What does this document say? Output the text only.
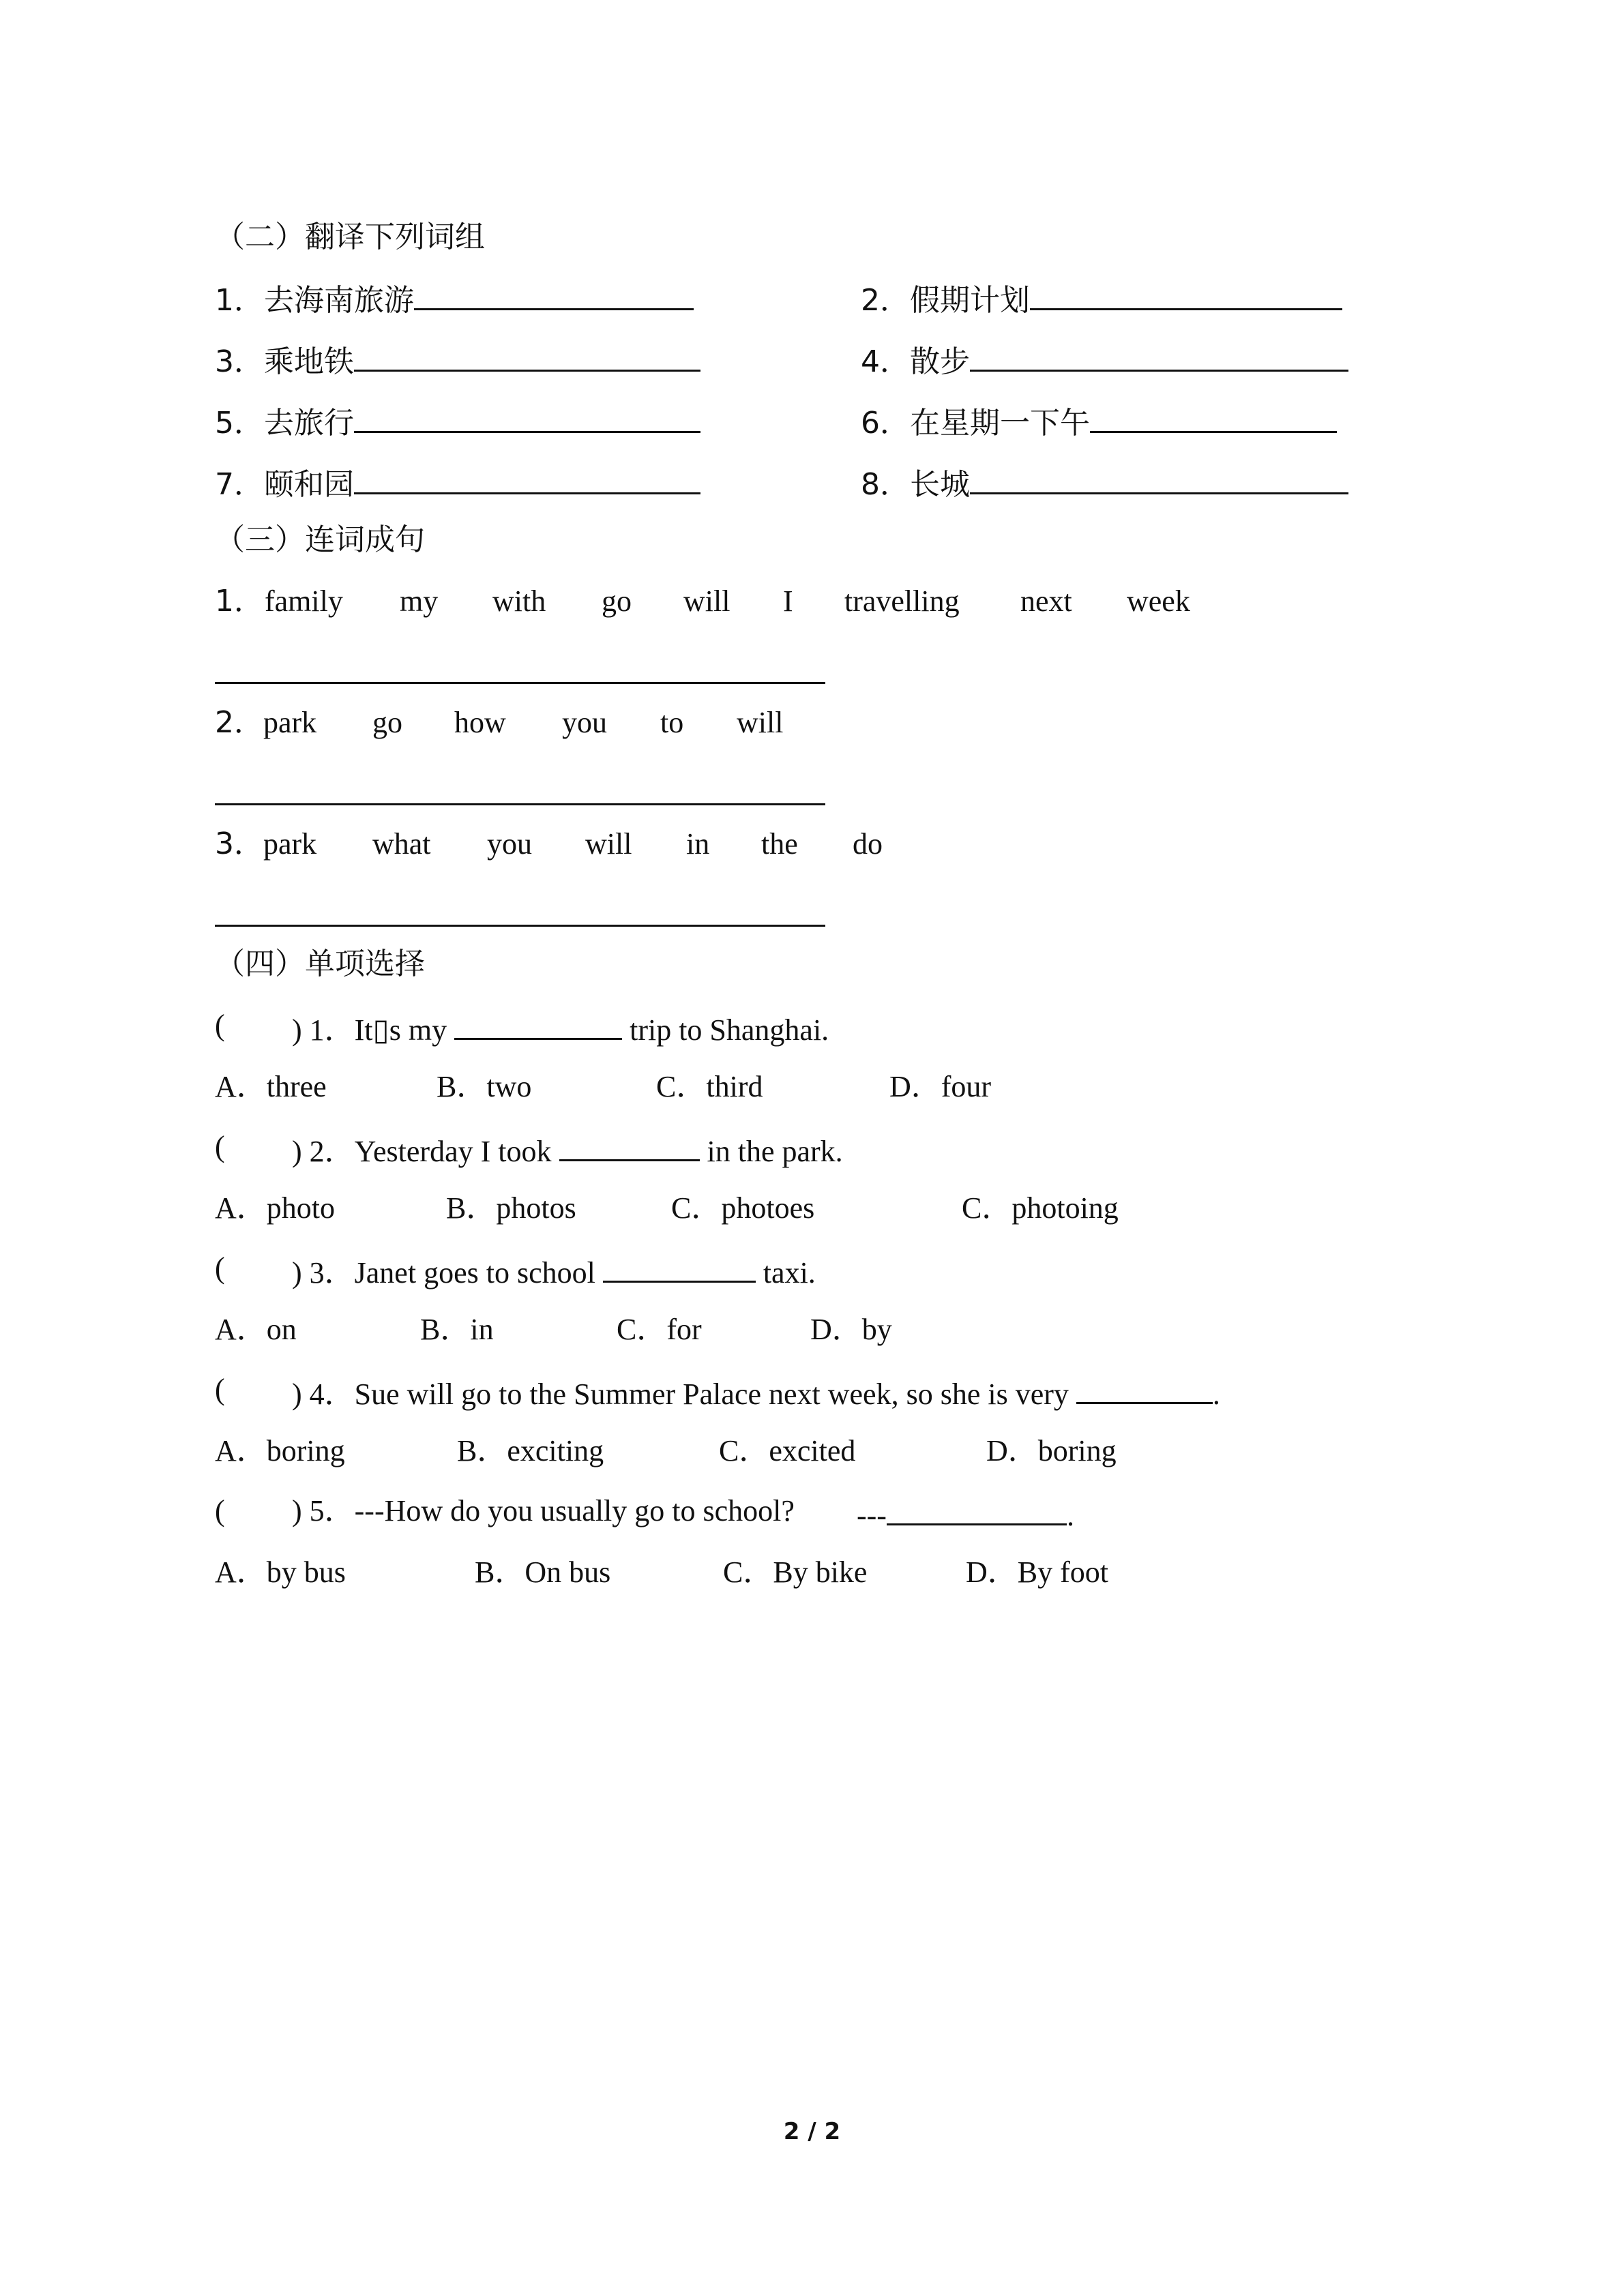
（二）翻译下列词组
1．去海南旅游	2．假期计划
3．乘地铁	4．散步
5．去旅行	6．在星期一下午
7．颐和园	8．长城
（三）连词成句
1． family my with go will I travelling next week
2． park go how you to will
3． park what you will in the do
（四）单项选择
( ) 1．It▯s my	trip to Shanghai.
A．three	B．two	C．third	D．four
( ) 2．Yesterday I took	in the park.
A．photo	B．photos	C．photoes	C．photoing
( ) 3．Janet goes to school	taxi.
A．on	B．in	C．for	D．by
( ) 4．Sue will go to the Summer Palace next week, so she is very	.
A．boring	B．exciting	C．excited	D．boring
( ) 5．---How do you usually go to school? ---	.
A．by bus	B．On bus	C．By bike	D．By foot
2 / 2
